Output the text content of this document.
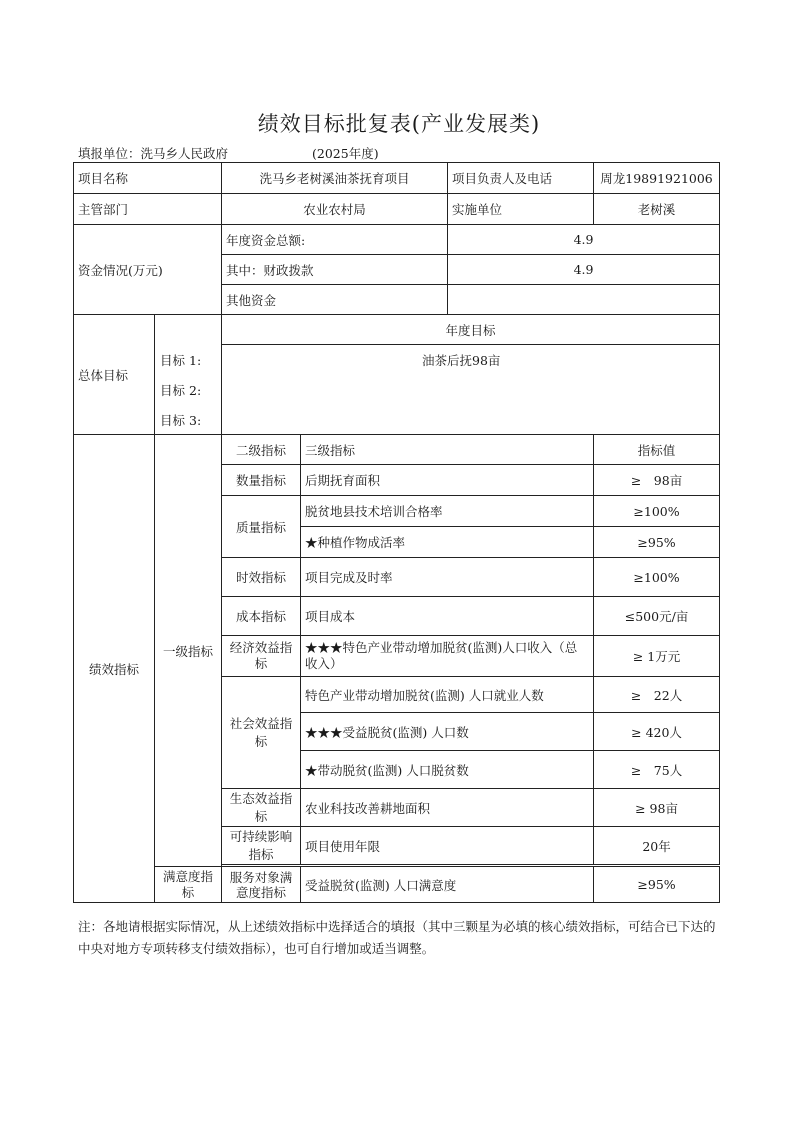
绩效目标批复表(产业发展类)
填报单位：洗马乡人民政府	(2025年度)
项目名称		洗马乡老树溪油茶抚育项目		项目负责人及电话	周龙19891921006
主管部门		农业农村局		实施单位	老树溪
资金情况(万元)		年度资金总额:		4.9	
		其中：财政拨款		4.9	
		其他资金			
总体目标		年度目标			

		目标 1: 油茶后抚98亩			

		目标 2:			

		目标 3:			

绩效指标	一级指标	二级指标	三级指标		指标值
		数量指标	后期抚育面积		≥　98亩
		质量指标	脱贫地县技术培训合格率		≥100%
			★种植作物成活率		≥95%
		时效指标	项目完成及时率		≥100%
		成本指标	项目成本		≤500元/亩
		经济效益指标	★★★特色产业带动增加脱贫(监测)人口收入（总收入）		≥ 1万元
		社会效益指标	特色产业带动增加脱贫(监测) 人口就业人数		≥　22人
			★★★受益脱贫(监测) 人口数		≥ 420人
			★带动脱贫(监测) 人口脱贫数		≥　75人
		生态效益指标	农业科技改善耕地面积		≥ 98亩
		可持续影响指标	项目使用年限		20年

	满意度指标	服务对象满意度指标	受益脱贫(监测) 人口满意度		≥95%
注：各地请根据实际情况，从上述绩效指标中选择适合的填报（其中三颗星为必填的核心绩效指标，可结合已下达的中央对地方专项转移支付绩效指标），也可自行增加或适当调整。
